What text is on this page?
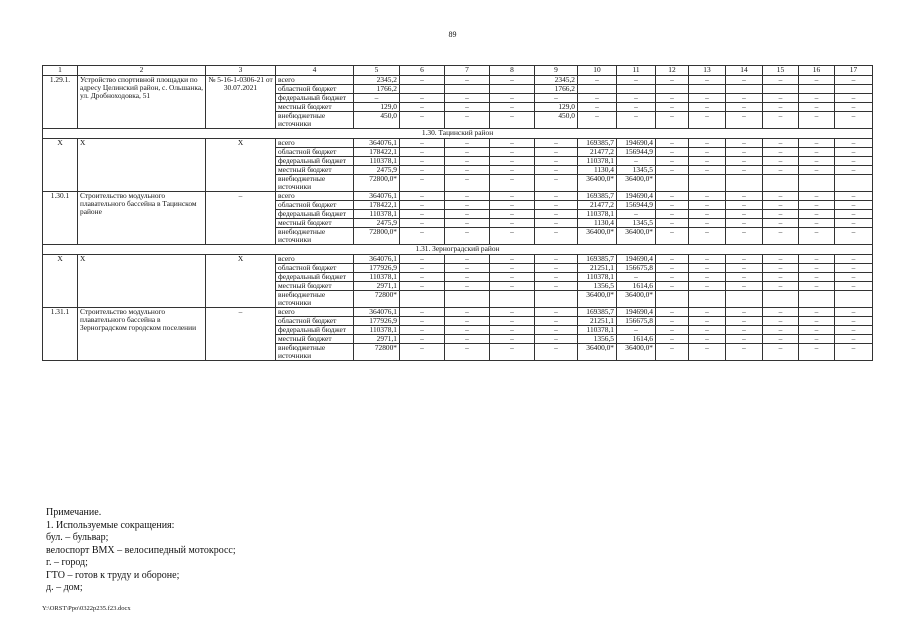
89
1	2	3	4	5	6	7	8	9	10	11	12	13	14	15	16	17
1.29.1.	Устройство спортивной площадки по адресу Целинский район, с. Ольшанка, ул. Дробноходовка, 51	№ 5-16-1-0306-21 от 30.07.2021	всего	2345,2	–	–	–	2345,2	–	–	–	–	–	–	–	–
			областной бюджет	1766,2				1766,2								
			федеральный бюджет	–	–	–	–	–	–	–	–	–	–	–	–	–
			местный бюджет	129,0	–	–	–	129,0	–	–	–	–	–	–	–	–
			внебюджетные источники	450,0	–	–	–	450,0	–	–	–	–	–	–	–	–
1.30. Тацинский район																
Х	Х	Х	всего	364076,1	–	–	–	–	169385,7	194690,4	–	–	–	–	–	–
			областной бюджет	178422,1	–	–	–	–	21477,2	156944,9	–	–	–	–	–	–
			федеральный бюджет	110378,1	–	–	–	–	110378,1	–	–	–	–	–	–	–
			местный бюджет	2475,9	–	–	–	–	1130,4	1345,5	–	–	–	–	–	–
			внебюджетные источники	72800,0*	–	–	–	–	36400,0*	36400,0*						
1.30.1	Строительство модульного плавательного бассейна в Тацинском районе	–	всего	364076,1	–	–	–	–	169385,7	194690,4	–	–	–	–	–	–
			областной бюджет	178422,1	–	–	–	–	21477,2	156944,9	–	–	–	–	–	–
			федеральный бюджет	110378,1	–	–	–	–	110378,1	–	–	–	–	–	–	–
			местный бюджет	2475,9	–	–	–	–	1130,4	1345,5	–	–	–	–	–	–
			внебюджетные источники	72800,0*	–	–	–	–	36400,0*	36400,0*	–	–	–	–	–	–
1.31. Зерноградский район																
Х	Х	Х	всего	364076,1	–	–	–	–	169385,7	194690,4	–	–	–	–	–	–
			областной бюджет	177926,9	–	–	–	–	21251,1	156675,8	–	–	–	–	–	–
			федеральный бюджет	110378,1	–	–	–	–	110378,1	–	–	–	–	–	–	–
			местный бюджет	2971,1	–	–	–	–	1356,5	1614,6	–	–	–	–	–	–
			внебюджетные источники	72800*					36400,0*	36400,0*						
1.31.1	Строительство модульного плавательного бассейна в Зерноградском городском поселении	–	всего	364076,1	–	–	–	–	169385,7	194690,4	–	–	–	–	–	–
			областной бюджет	177926,9	–	–	–	–	21251,1	156675,8	–	–	–	–	–	–
			федеральный бюджет	110378,1	–	–	–	–	110378,1	–	–	–	–	–	–	–
			местный бюджет	2971,1	–	–	–	–	1356,5	1614,6	–	–	–	–	–	–
			внебюджетные источники	72800*	–	–	–	–	36400,0*	36400,0*	–	–	–	–	–	–
Примечание.
1. Используемые сокращения:
бул. – бульвар;
велоспорт ВМХ – велосипедный мотокросс;
г. – город;
ГТО – готов к труду и обороне;
д. – дом;
Y:\ORST\Ppo\0322p235.f23.docx
